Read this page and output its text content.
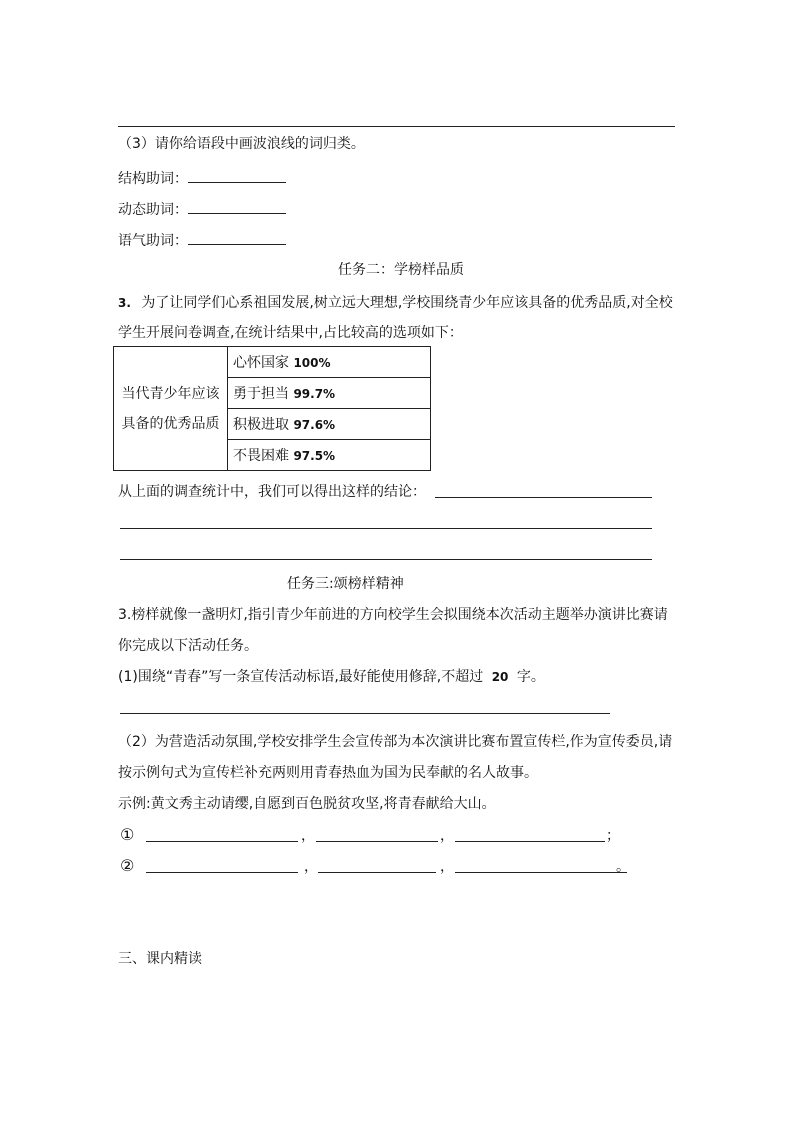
（3）请你给语段中画波浪线的词归类。
结构助词：
动态助词：
语气助词：
任务二：学榜样品质
3. 为了让同学们心系祖国发展,树立远大理想,学校围绕青少年应该具备的优秀品质,对全校
学生开展问卷调查,在统计结果中,占比较高的选项如下：
当代青少年应该
具备的优秀品质
	心怀国家 100%
勇于担当 99.7%
积极进取 97.6%
不畏困难 97.5%
从上面的调查统计中，我们可以得出这样的结论：
任务三:颂榜样精神
3.榜样就像一盏明灯,指引青少年前进的方向校学生会拟围绕本次活动主题举办演讲比赛请
你完成以下活动任务。
(1)围绕“青春”写一条宣传活动标语,最好能使用修辞,不超过 20 字。
（2）为营造活动氛围,学校安排学生会宣传部为本次演讲比赛布置宣传栏,作为宣传委员,请
按示例句式为宣传栏补充两则用青春热血为国为民奉献的名人故事。
示例:黄文秀主动请缨,自愿到百色脱贫攻坚,将青春献给大山。
①	，	，	；
②	，	，	。
三、课内精读
